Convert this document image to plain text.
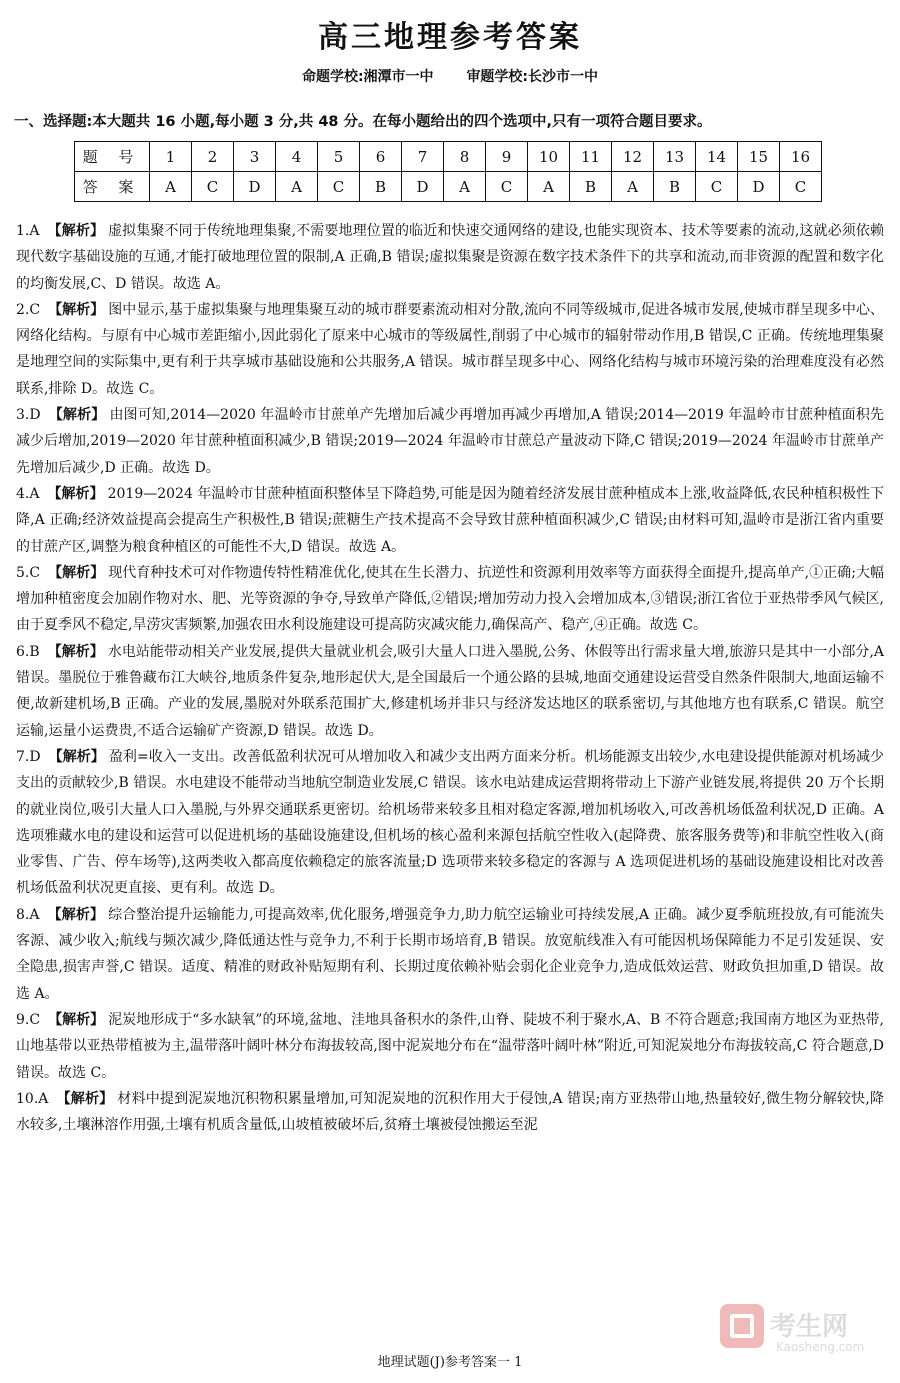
高三地理参考答案
命题学校:湘潭市一中 审题学校:长沙市一中
一、选择题:本大题共 16 小题,每小题 3 分,共 48 分。在每小题给出的四个选项中,只有一项符合题目要求。
题 号	1	2	3	4	5	6	7	8	9	10	11	12	13	14	15	16
答 案	A	C	D	A	C	B	D	A	C	A	B	A	B	C	D	C
1.A 【解析】 虚拟集聚不同于传统地理集聚,不需要地理位置的临近和快速交通网络的建设,也能实现资本、技术等要素的流动,这就必须依赖现代数字基础设施的互通,才能打破地理位置的限制,A 正确,B 错误;虚拟集聚是资源在数字技术条件下的共享和流动,而非资源的配置和数字化的均衡发展,C、D 错误。故选 A。
2.C 【解析】 图中显示,基于虚拟集聚与地理集聚互动的城市群要素流动相对分散,流向不同等级城市,促进各城市发展,使城市群呈现多中心、网络化结构。与原有中心城市差距缩小,因此弱化了原来中心城市的等级属性,削弱了中心城市的辐射带动作用,B 错误,C 正确。传统地理集聚是地理空间的实际集中,更有利于共享城市基础设施和公共服务,A 错误。城市群呈现多中心、网络化结构与城市环境污染的治理难度没有必然联系,排除 D。故选 C。
3.D 【解析】 由图可知,2014—2020 年温岭市甘蔗单产先增加后减少再增加再减少再增加,A 错误;2014—2019 年温岭市甘蔗种植面积先减少后增加,2019—2020 年甘蔗种植面积减少,B 错误;2019—2024 年温岭市甘蔗总产量波动下降,C 错误;2019—2024 年温岭市甘蔗单产先增加后减少,D 正确。故选 D。
4.A 【解析】 2019—2024 年温岭市甘蔗种植面积整体呈下降趋势,可能是因为随着经济发展甘蔗种植成本上涨,收益降低,农民种植积极性下降,A 正确;经济效益提高会提高生产积极性,B 错误;蔗糖生产技术提高不会导致甘蔗种植面积减少,C 错误;由材料可知,温岭市是浙江省内重要的甘蔗产区,调整为粮食种植区的可能性不大,D 错误。故选 A。
5.C 【解析】 现代育种技术可对作物遗传特性精准优化,使其在生长潜力、抗逆性和资源利用效率等方面获得全面提升,提高单产,①正确;大幅增加种植密度会加剧作物对水、肥、光等资源的争夺,导致单产降低,②错误;增加劳动力投入会增加成本,③错误;浙江省位于亚热带季风气候区,由于夏季风不稳定,旱涝灾害频繁,加强农田水利设施建设可提高防灾减灾能力,确保高产、稳产,④正确。故选 C。
6.B 【解析】 水电站能带动相关产业发展,提供大量就业机会,吸引大量人口进入墨脱,公务、休假等出行需求量大增,旅游只是其中一小部分,A 错误。墨脱位于雅鲁藏布江大峡谷,地质条件复杂,地形起伏大,是全国最后一个通公路的县城,地面交通建设运营受自然条件限制大,地面运输不便,故新建机场,B 正确。产业的发展,墨脱对外联系范围扩大,修建机场并非只与经济发达地区的联系密切,与其他地方也有联系,C 错误。航空运输,运量小运费贵,不适合运输矿产资源,D 错误。故选 D。
7.D 【解析】 盈利=收入一支出。改善低盈利状况可从增加收入和减少支出两方面来分析。机场能源支出较少,水电建设提供能源对机场减少支出的贡献较少,B 错误。水电建设不能带动当地航空制造业发展,C 错误。该水电站建成运营期将带动上下游产业链发展,将提供 20 万个长期的就业岗位,吸引大量人口入墨脱,与外界交通联系更密切。给机场带来较多且相对稳定客源,增加机场收入,可改善机场低盈利状况,D 正确。A 选项雅藏水电的建设和运营可以促进机场的基础设施建设,但机场的核心盈利来源包括航空性收入(起降费、旅客服务费等)和非航空性收入(商业零售、广告、停车场等),这两类收入都高度依赖稳定的旅客流量;D 选项带来较多稳定的客源与 A 选项促进机场的基础设施建设相比对改善机场低盈利状况更直接、更有利。故选 D。
8.A 【解析】 综合整治提升运输能力,可提高效率,优化服务,增强竞争力,助力航空运输业可持续发展,A 正确。减少夏季航班投放,有可能流失客源、减少收入;航线与频次减少,降低通达性与竞争力,不利于长期市场培育,B 错误。放宽航线准入有可能因机场保障能力不足引发延误、安全隐患,损害声誉,C 错误。适度、精准的财政补贴短期有利、长期过度依赖补贴会弱化企业竞争力,造成低效运营、财政负担加重,D 错误。故选 A。
9.C 【解析】 泥炭地形成于“多水缺氧”的环境,盆地、洼地具备积水的条件,山脊、陡坡不利于聚水,A、B 不符合题意;我国南方地区为亚热带,山地基带以亚热带植被为主,温带落叶阔叶林分布海拔较高,图中泥炭地分布在“温带落叶阔叶林”附近,可知泥炭地分布海拔较高,C 符合题意,D 错误。故选 C。
10.A 【解析】 材料中提到泥炭地沉积物积累量增加,可知泥炭地的沉积作用大于侵蚀,A 错误;南方亚热带山地,热量较好,微生物分解较快,降水较多,土壤淋溶作用强,土壤有机质含量低,山坡植被破坏后,贫瘠土壤被侵蚀搬运至泥
地理试题(J)参考答案一 1
考生网
Kaosheng.com
